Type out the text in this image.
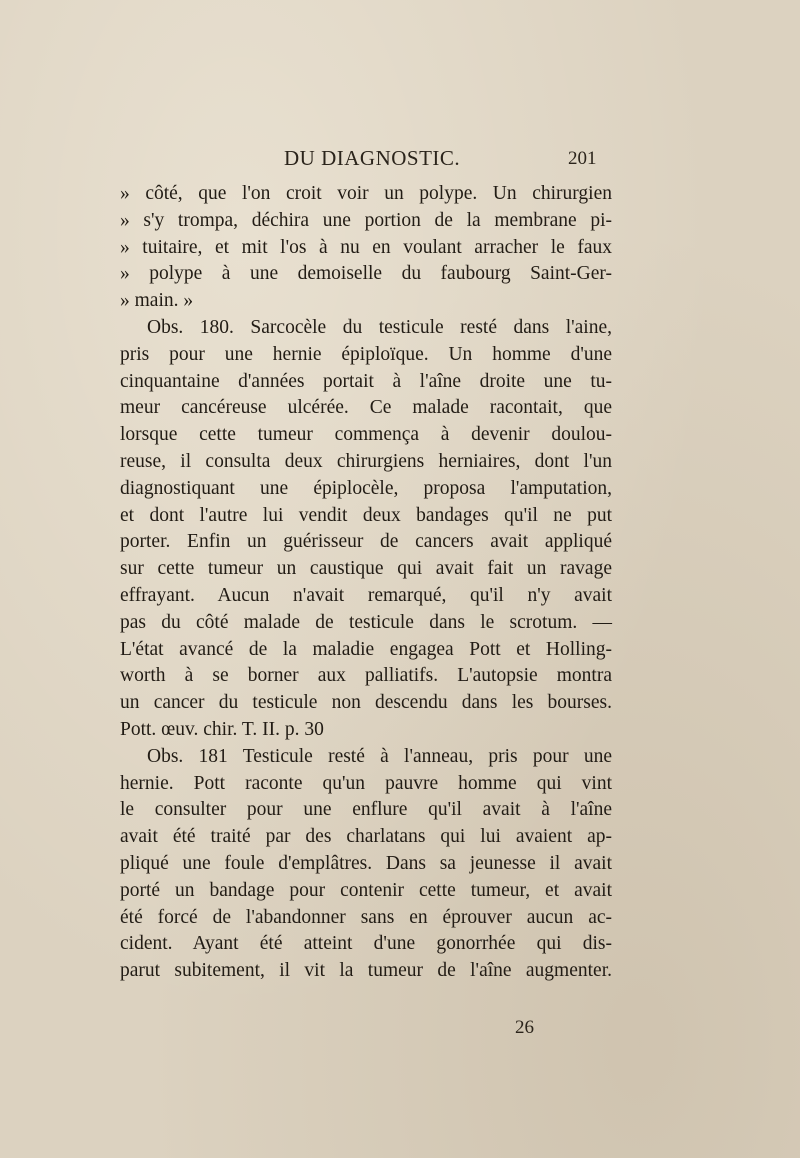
DU DIAGNOSTIC.	201
» côté, que l'on croit voir un polype. Un chirurgien
» s'y trompa, déchira une portion de la membrane pi-
» tuitaire, et mit l'os à nu en voulant arracher le faux
» polype à une demoiselle du faubourg Saint-Ger-
» main. »
Obs. 180. Sarcocèle du testicule resté dans l'aine,
pris pour une hernie épiploïque. Un homme d'une
cinquantaine d'années portait à l'aîne droite une tu-
meur cancéreuse ulcérée. Ce malade racontait, que
lorsque cette tumeur commença à devenir doulou-
reuse, il consulta deux chirurgiens herniaires, dont l'un
diagnostiquant une épiplocèle, proposa l'amputation,
et dont l'autre lui vendit deux bandages qu'il ne put
porter. Enfin un guérisseur de cancers avait appliqué
sur cette tumeur un caustique qui avait fait un ravage
effrayant. Aucun n'avait remarqué, qu'il n'y avait
pas du côté malade de testicule dans le scrotum. —
L'état avancé de la maladie engagea Pott et Holling-
worth à se borner aux palliatifs. L'autopsie montra
un cancer du testicule non descendu dans les bourses.
Pott. œuv. chir. T. II. p. 30
Obs. 181 Testicule resté à l'anneau, pris pour une
hernie. Pott raconte qu'un pauvre homme qui vint
le consulter pour une enflure qu'il avait à l'aîne
avait été traité par des charlatans qui lui avaient ap-
pliqué une foule d'emplâtres. Dans sa jeunesse il avait
porté un bandage pour contenir cette tumeur, et avait
été forcé de l'abandonner sans en éprouver aucun ac-
cident. Ayant été atteint d'une gonorrhée qui dis-
parut subitement, il vit la tumeur de l'aîne augmenter.
26
